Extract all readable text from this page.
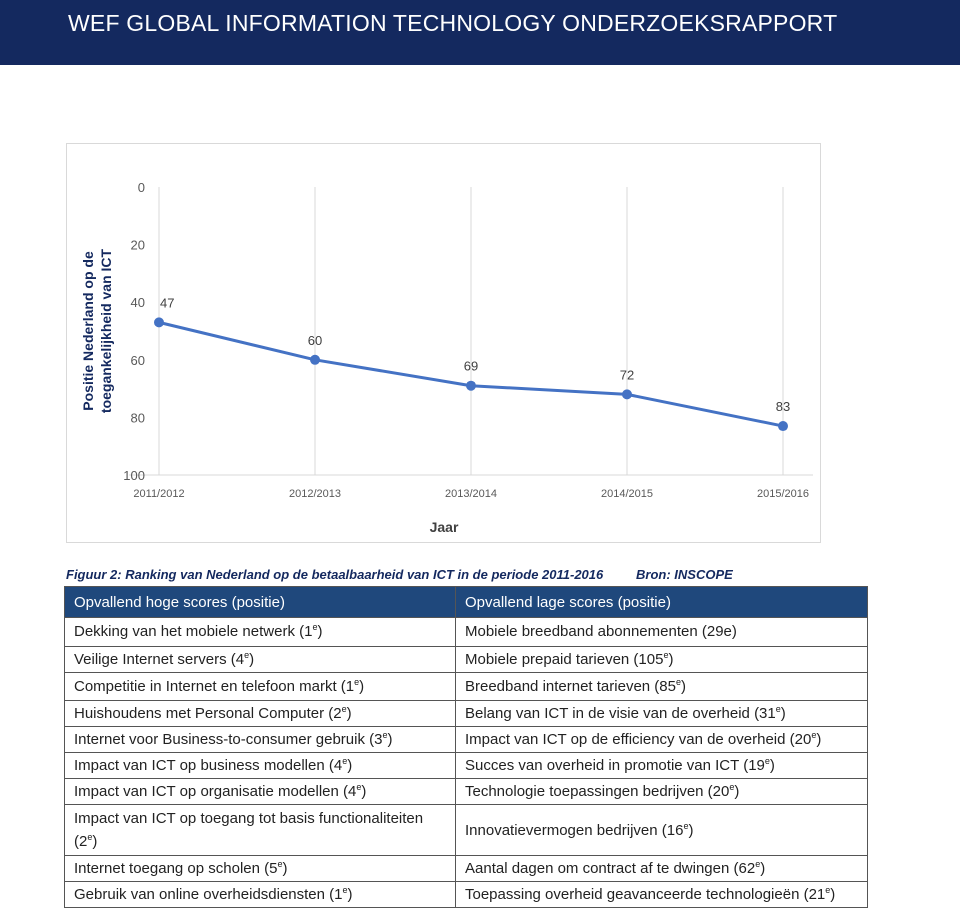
WEF GLOBAL INFORMATION TECHNOLOGY ONDERZOEKSRAPPORT
0
20
40
60
80
100
2011/2012	2012/2013	2013/2014	2014/2015	2015/2016
47
60
69
72
83
Jaar
Positie Nederland op de toegankelijkheid van ICT
Figuur 2: Ranking van Nederland op de betaalbaarheid van ICT in de periode 2011-2016	Bron: INSCOPE
Opvallend hoge scores (positie)	Opvallend lage scores (positie)
Dekking van het mobiele netwerk (1e)	Mobiele breedband abonnementen (29e)
Veilige Internet servers (4e)	Mobiele prepaid tarieven (105e)
Competitie in Internet en telefoon markt (1e)	Breedband internet tarieven (85e)
Huishoudens met Personal Computer (2e)	Belang van ICT in de visie van de overheid (31e)
Internet voor Business-to-consumer gebruik (3e)	Impact van ICT op de efficiency van de overheid (20e)
Impact van ICT op business modellen (4e)	Succes van overheid in promotie van ICT (19e)
Impact van ICT op organisatie modellen (4e)	Technologie toepassingen bedrijven (20e)
Impact van ICT op toegang tot basis functionaliteiten (2e)	Innovatievermogen bedrijven (16e)
Internet toegang op scholen (5e)	Aantal dagen om contract af te dwingen (62e)
Gebruik van online overheidsdiensten (1e)	Toepassing overheid geavanceerde technologieën (21e)
